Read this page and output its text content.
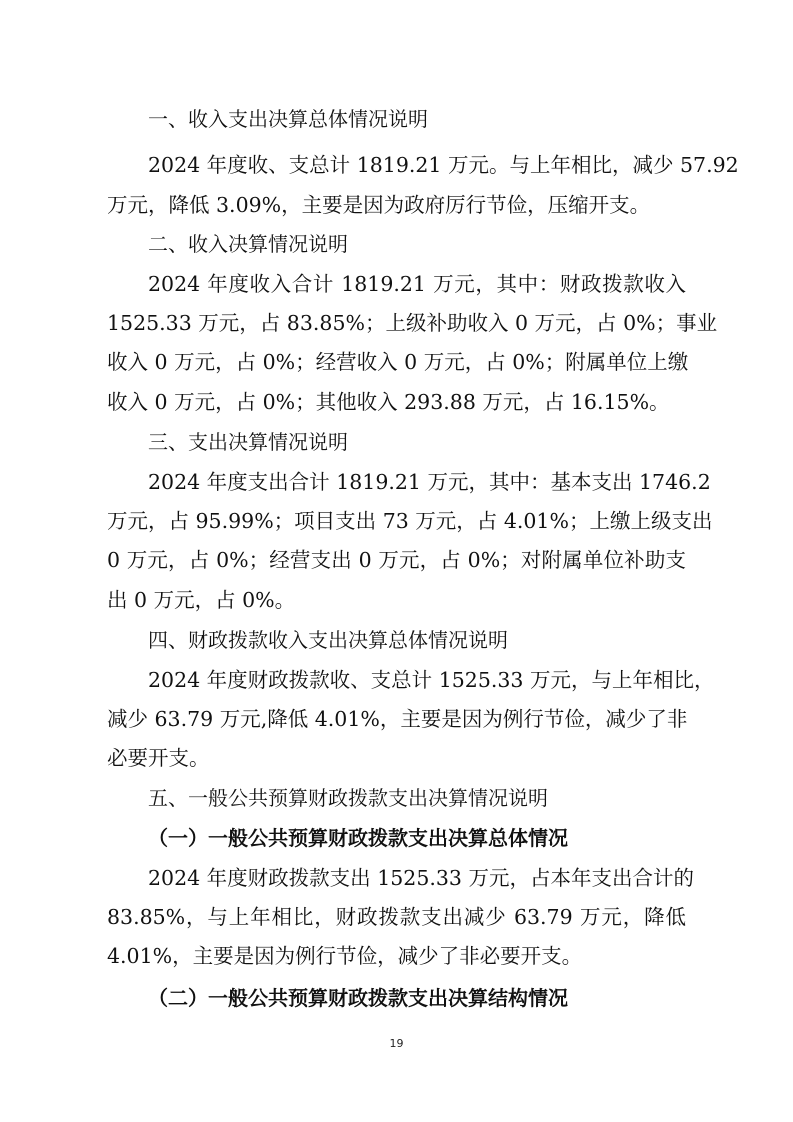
一、收入支出决算总体情况说明
2024 年度收、支总计 1819.21 万元。与上年相比，减少 57.92
万元，降低 3.09%，主要是因为政府厉行节俭，压缩开支。
二、收入决算情况说明
2024 年度收入合计 1819.21 万元，其中：财政拨款收入
1525.33 万元，占 83.85%；上级补助收入 0 万元，占 0%；事业
收入 0 万元，占 0%；经营收入 0 万元，占 0%；附属单位上缴
收入 0 万元，占 0%；其他收入 293.88 万元，占 16.15%。
三、支出决算情况说明
2024 年度支出合计 1819.21 万元，其中：基本支出 1746.2
万元，占 95.99%；项目支出 73 万元，占 4.01%；上缴上级支出
0 万元，占 0%；经营支出 0 万元，占 0%；对附属单位补助支
出 0 万元，占 0%。
四、财政拨款收入支出决算总体情况说明
2024 年度财政拨款收、支总计 1525.33 万元，与上年相比，
减少 63.79 万元,降低 4.01%，主要是因为例行节俭，减少了非
必要开支。
五、一般公共预算财政拨款支出决算情况说明
（一）一般公共预算财政拨款支出决算总体情况
2024 年度财政拨款支出 1525.33 万元，占本年支出合计的
83.85%，与上年相比，财政拨款支出减少 63.79 万元，降低
4.01%，主要是因为例行节俭，减少了非必要开支。
（二）一般公共预算财政拨款支出决算结构情况
19
